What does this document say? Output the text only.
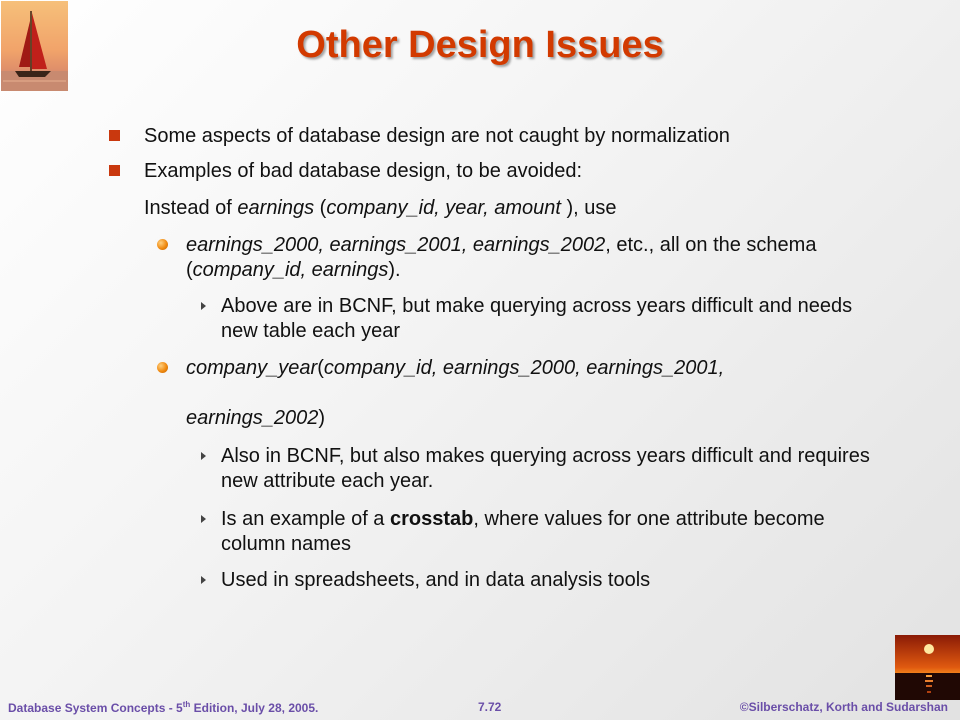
Other Design Issues
Some aspects of database design are not caught by normalization
Examples of bad database design, to be avoided:
Instead of earnings (company_id, year, amount ), use
earnings_2000, earnings_2001, earnings_2002, etc., all on the schema (company_id, earnings).
Above are in BCNF, but make querying across years difficult and needs new table each year
company_year(company_id, earnings_2000, earnings_2001,
earnings_2002)
Also in BCNF, but also makes querying across years difficult and requires new attribute each year.
Is an example of a crosstab, where values for one attribute become column names
Used in spreadsheets, and in data analysis tools
Database System Concepts - 5th Edition, July 28, 2005.	7.72	©Silberschatz, Korth and Sudarshan
